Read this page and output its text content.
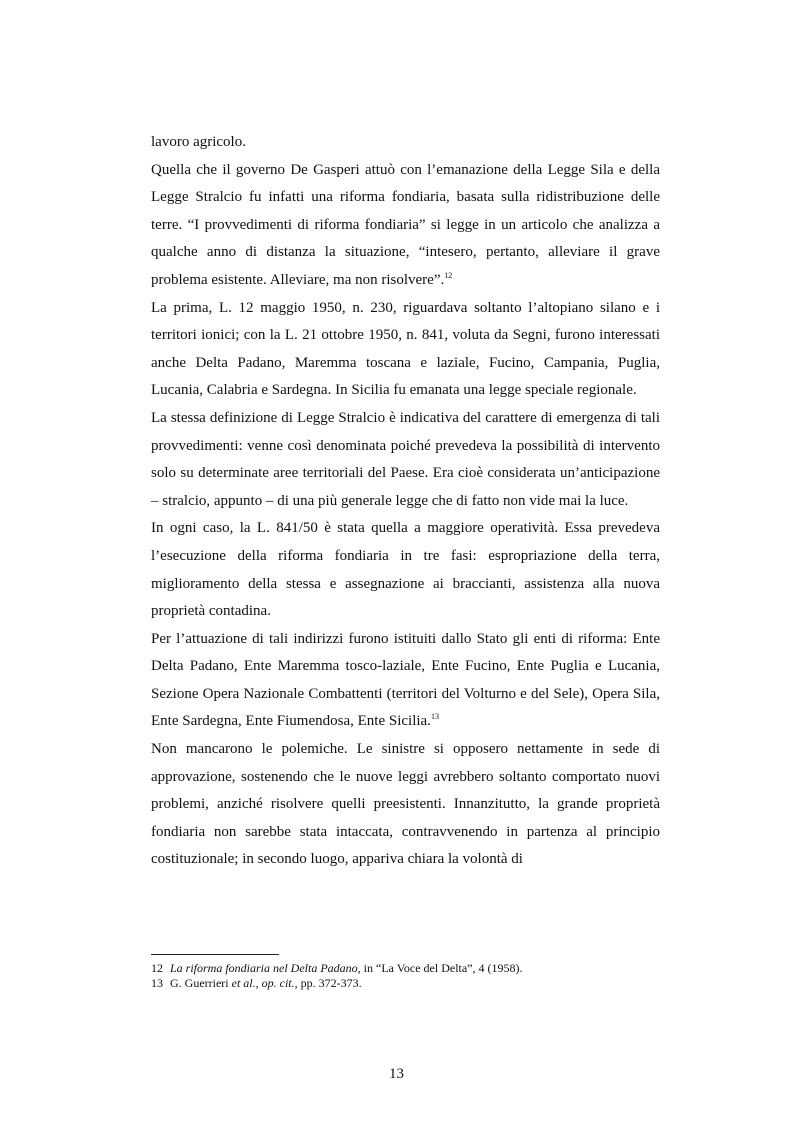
lavoro agricolo.

Quella che il governo De Gasperi attuò con l’emanazione della Legge Sila e della Legge Stralcio fu infatti una riforma fondiaria, basata sulla ridistribuzione delle terre. “I provvedimenti di riforma fondiaria” si legge in un articolo che analizza a qualche anno di distanza la situazione, “intesero, pertanto, alleviare il grave problema esistente. Alleviare, ma non risolvere”.$^{12}$

La prima, L. 12 maggio 1950, n. 230, riguardava soltanto l’altopiano silano e i territori ionici; con la L. 21 ottobre 1950, n. 841, voluta da Segni, furono interessati anche Delta Padano, Maremma toscana e laziale, Fucino, Campania, Puglia, Lucania, Calabria e Sardegna. In Sicilia fu emanata una legge speciale regionale.

La stessa definizione di Legge Stralcio è indicativa del carattere di emergenza di tali provvedimenti: venne così denominata poiché prevedeva la possibilità di intervento solo su determinate aree territoriali del Paese. Era cioè considerata un’anticipazione – stralcio, appunto – di una più generale legge che di fatto non vide mai la luce.

In ogni caso, la L. 841/50 è stata quella a maggiore operatività. Essa prevedeva l’esecuzione della riforma fondiaria in tre fasi: espropriazione della terra, miglioramento della stessa e assegnazione ai braccianti, assistenza alla nuova proprietà contadina.

Per l’attuazione di tali indirizzi furono istituiti dallo Stato gli enti di riforma: Ente Delta Padano, Ente Maremma tosco-laziale, Ente Fucino, Ente Puglia e Lucania, Sezione Opera Nazionale Combattenti (territori del Volturno e del Sele), Opera Sila, Ente Sardegna, Ente Fiumendosa, Ente Sicilia.$^{13}$

Non mancarono le polemiche. Le sinistre si opposero nettamente in sede di approvazione, sostenendo che le nuove leggi avrebbero soltanto comportato nuovi problemi, anziché risolvere quelli preesistenti. Innanzitutto, la grande proprietà fondiaria non sarebbe stata intaccata, contravvenendo in partenza al principio costituzionale; in secondo luogo, appariva chiara la volontà di

12 La riforma fondiaria nel Delta Padano, in “La Voce del Delta”, 4 (1958).

13 G. Guerrieri et al., op. cit., pp. 372-373.

13
